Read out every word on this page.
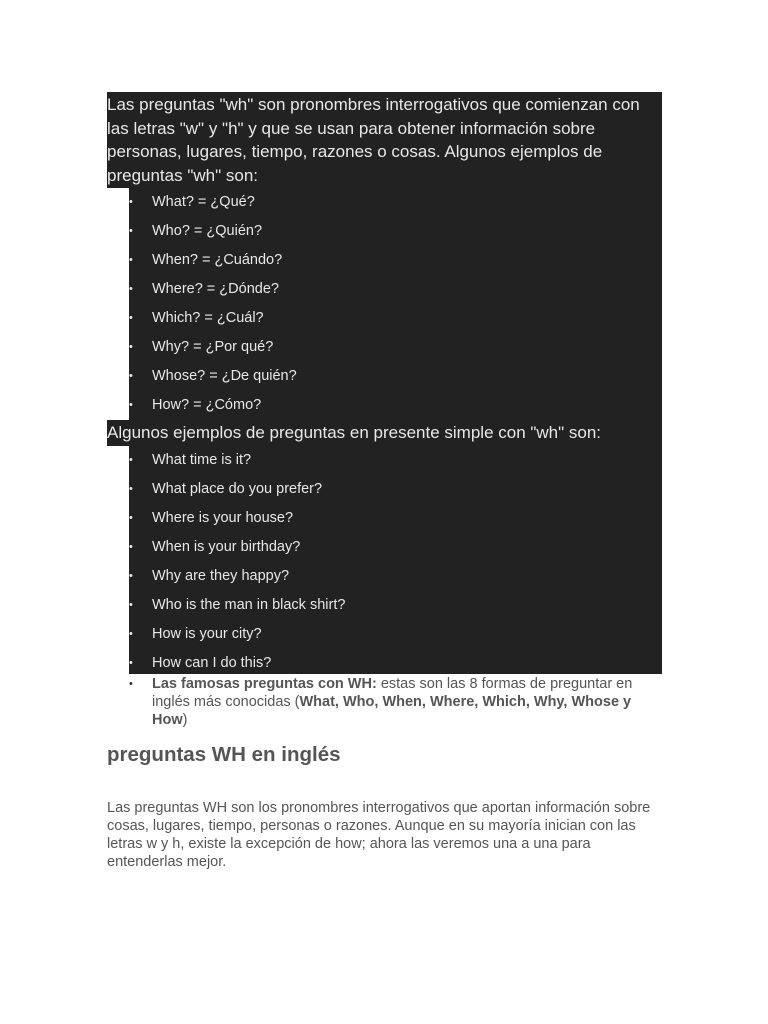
Las preguntas "wh" son pronombres interrogativos que comienzan con las letras "w" y "h" y que se usan para obtener información sobre personas, lugares, tiempo, razones o cosas. Algunos ejemplos de preguntas "wh" son:

•	What? = ¿Qué?
•	Who? = ¿Quién?
•	When? = ¿Cuándo?
•	Where? = ¿Dónde?
•	Which? = ¿Cuál?
•	Why? = ¿Por qué?
•	Whose? = ¿De quién?
•	How? = ¿Cómo?

Algunos ejemplos de preguntas en presente simple con "wh" son:

•	What time is it?
•	What place do you prefer?
•	Where is your house?
•	When is your birthday?
•	Why are they happy?
•	Who is the man in black shirt?
•	How is your city?
•	How can I do this?
• Las famosas preguntas con WH: estas son las 8 formas de preguntar en inglés más conocidas (What, Who, When, Where, Which, Why, Whose y How)
preguntas WH en inglés

Las preguntas WH son los pronombres interrogativos que aportan información sobre cosas, lugares, tiempo, personas o razones. Aunque en su mayoría inician con las letras w y h, existe la excepción de how; ahora las veremos una a una para entenderlas mejor.
